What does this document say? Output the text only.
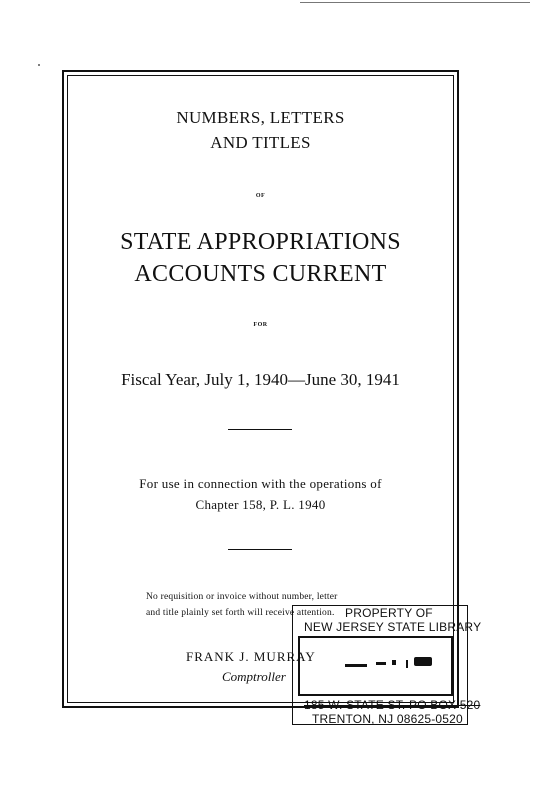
NUMBERS, LETTERS
AND TITLES
OF
STATE APPROPRIATIONS
ACCOUNTS CURRENT
FOR
Fiscal Year, July 1, 1940—June 30, 1941
For use in connection with the operations of
Chapter 158, P. L. 1940
No requisition or invoice without number, letter
and title plainly set forth will receive attention.
FRANK J. MURRAY
Comptroller
PROPERTY OF
NEW JERSEY STATE LIBRARY
185 W. STATE ST. PO BOX 520
TRENTON, NJ 08625-0520
